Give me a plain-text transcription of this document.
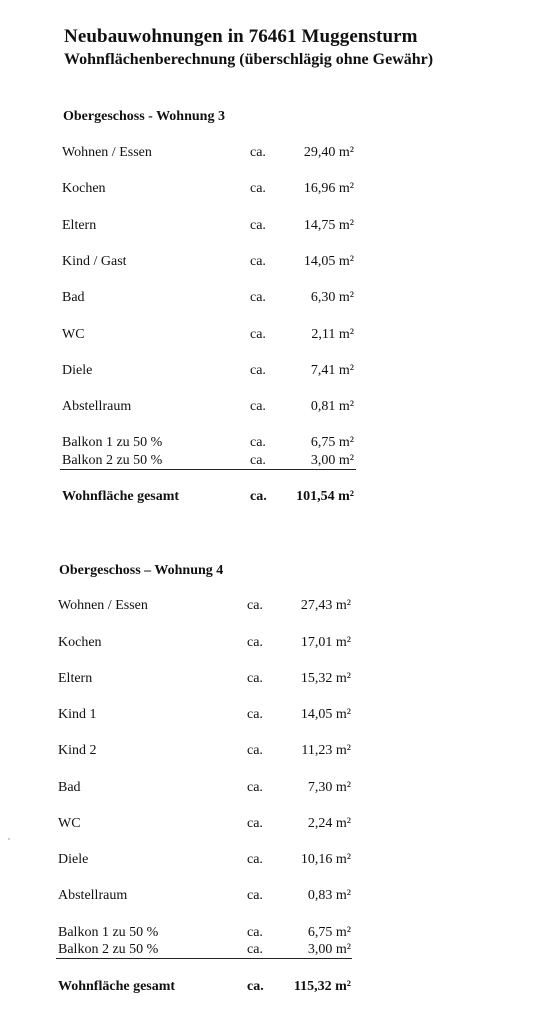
Neubauwohnungen in 76461 Muggensturm
Wohnflächenberechnung (überschlägig ohne Gewähr)
Obergeschoss - Wohnung 3
Wohnen / Essen	ca.	29,40 m²
Kochen	ca.	16,96 m²
Eltern	ca.	14,75 m²
Kind / Gast	ca.	14,05 m²
Bad	ca.	6,30 m²
WC	ca.	2,11 m²
Diele	ca.	7,41 m²
Abstellraum	ca.	0,81 m²
Balkon 1 zu 50 %	ca.	6,75 m²
Balkon 2 zu 50 %	ca.	3,00 m²
Wohnfläche gesamt	ca. 101,54 m²
Obergeschoss – Wohnung 4
Wohnen / Essen	ca.	27,43 m²
Kochen	ca.	17,01 m²
Eltern	ca.	15,32 m²
Kind 1	ca.	14,05 m²
Kind 2	ca.	11,23 m²
Bad	ca.	7,30 m²
WC	ca.	2,24 m²
Diele	ca.	10,16 m²
Abstellraum	ca.	0,83 m²
Balkon 1 zu 50 %	ca.	6,75 m²
Balkon 2 zu 50 %	ca.	3,00 m²
Wohnfläche gesamt	ca. 115,32 m²
